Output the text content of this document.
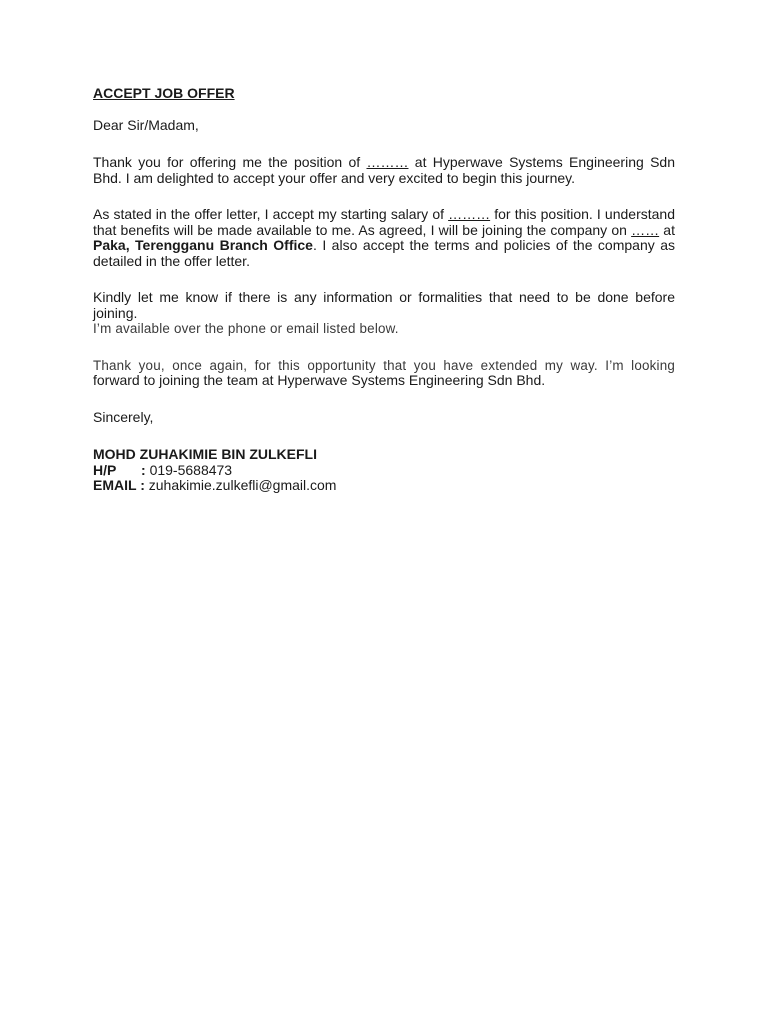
ACCEPT JOB OFFER
Dear Sir/Madam,
Thank you for offering me the position of ……… at Hyperwave Systems Engineering Sdn Bhd. I am delighted to accept your offer and very excited to begin this journey.
As stated in the offer letter, I accept my starting salary of ……… for this position. I understand that benefits will be made available to me. As agreed, I will be joining the company on …… at Paka, Terengganu Branch Office. I also accept the terms and policies of the company as detailed in the offer letter.
Kindly let me know if there is any information or formalities that need to be done before joining.
I’m available over the phone or email listed below.
Thank you, once again, for this opportunity that you have extended my way. I’m looking forward to joining the team at Hyperwave Systems Engineering Sdn Bhd.
Sincerely,
MOHD ZUHAKIMIE BIN ZULKEFLI
H/P : 019-5688473
EMAIL : zuhakimie.zulkefli@gmail.com
